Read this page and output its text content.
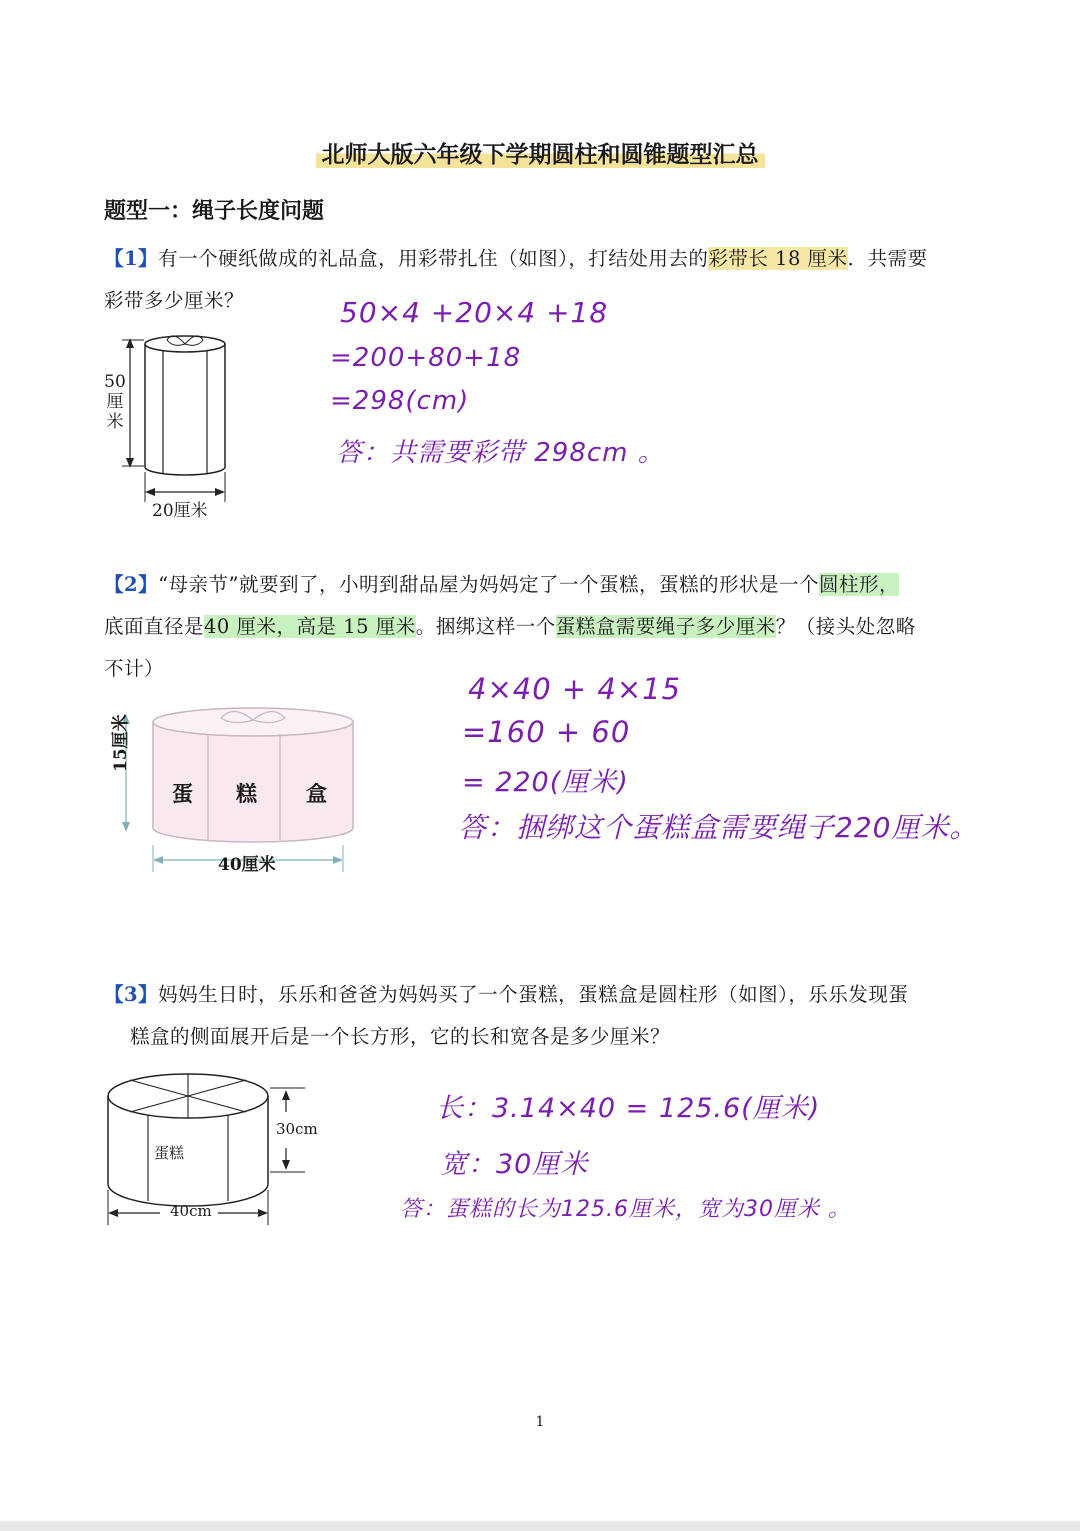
北师大版六年级下学期圆柱和圆锥题型汇总
题型一：绳子长度问题
【1】有一个硬纸做成的礼品盒，用彩带扎住（如图），打结处用去的彩带长 18 厘米．共需要
彩带多少厘米？
50
厘
米
20厘米
50×4 +20×4 +18
=200+80+18
=298(cm)
答：共需要彩带 298cm 。
【2】“母亲节”就要到了，小明到甜品屋为妈妈定了一个蛋糕，蛋糕的形状是一个圆柱形，
底面直径是40 厘米，高是 15 厘米。捆绑这样一个蛋糕盒需要绳子多少厘米？（接头处忽略
不计）
15厘米
蛋 糕 盒
40厘米
4×40 + 4×15
=160 + 60
= 220(厘米)
答：捆绑这个蛋糕盒需要绳子220厘米。
【3】妈妈生日时，乐乐和爸爸为妈妈买了一个蛋糕，蛋糕盒是圆柱形（如图），乐乐发现蛋
糕盒的侧面展开后是一个长方形，它的长和宽各是多少厘米？
蛋糕
30cm
40cm
长：3.14×40 = 125.6(厘米)
宽：30厘米
答：蛋糕的长为125.6厘米，宽为30厘米 。
1
